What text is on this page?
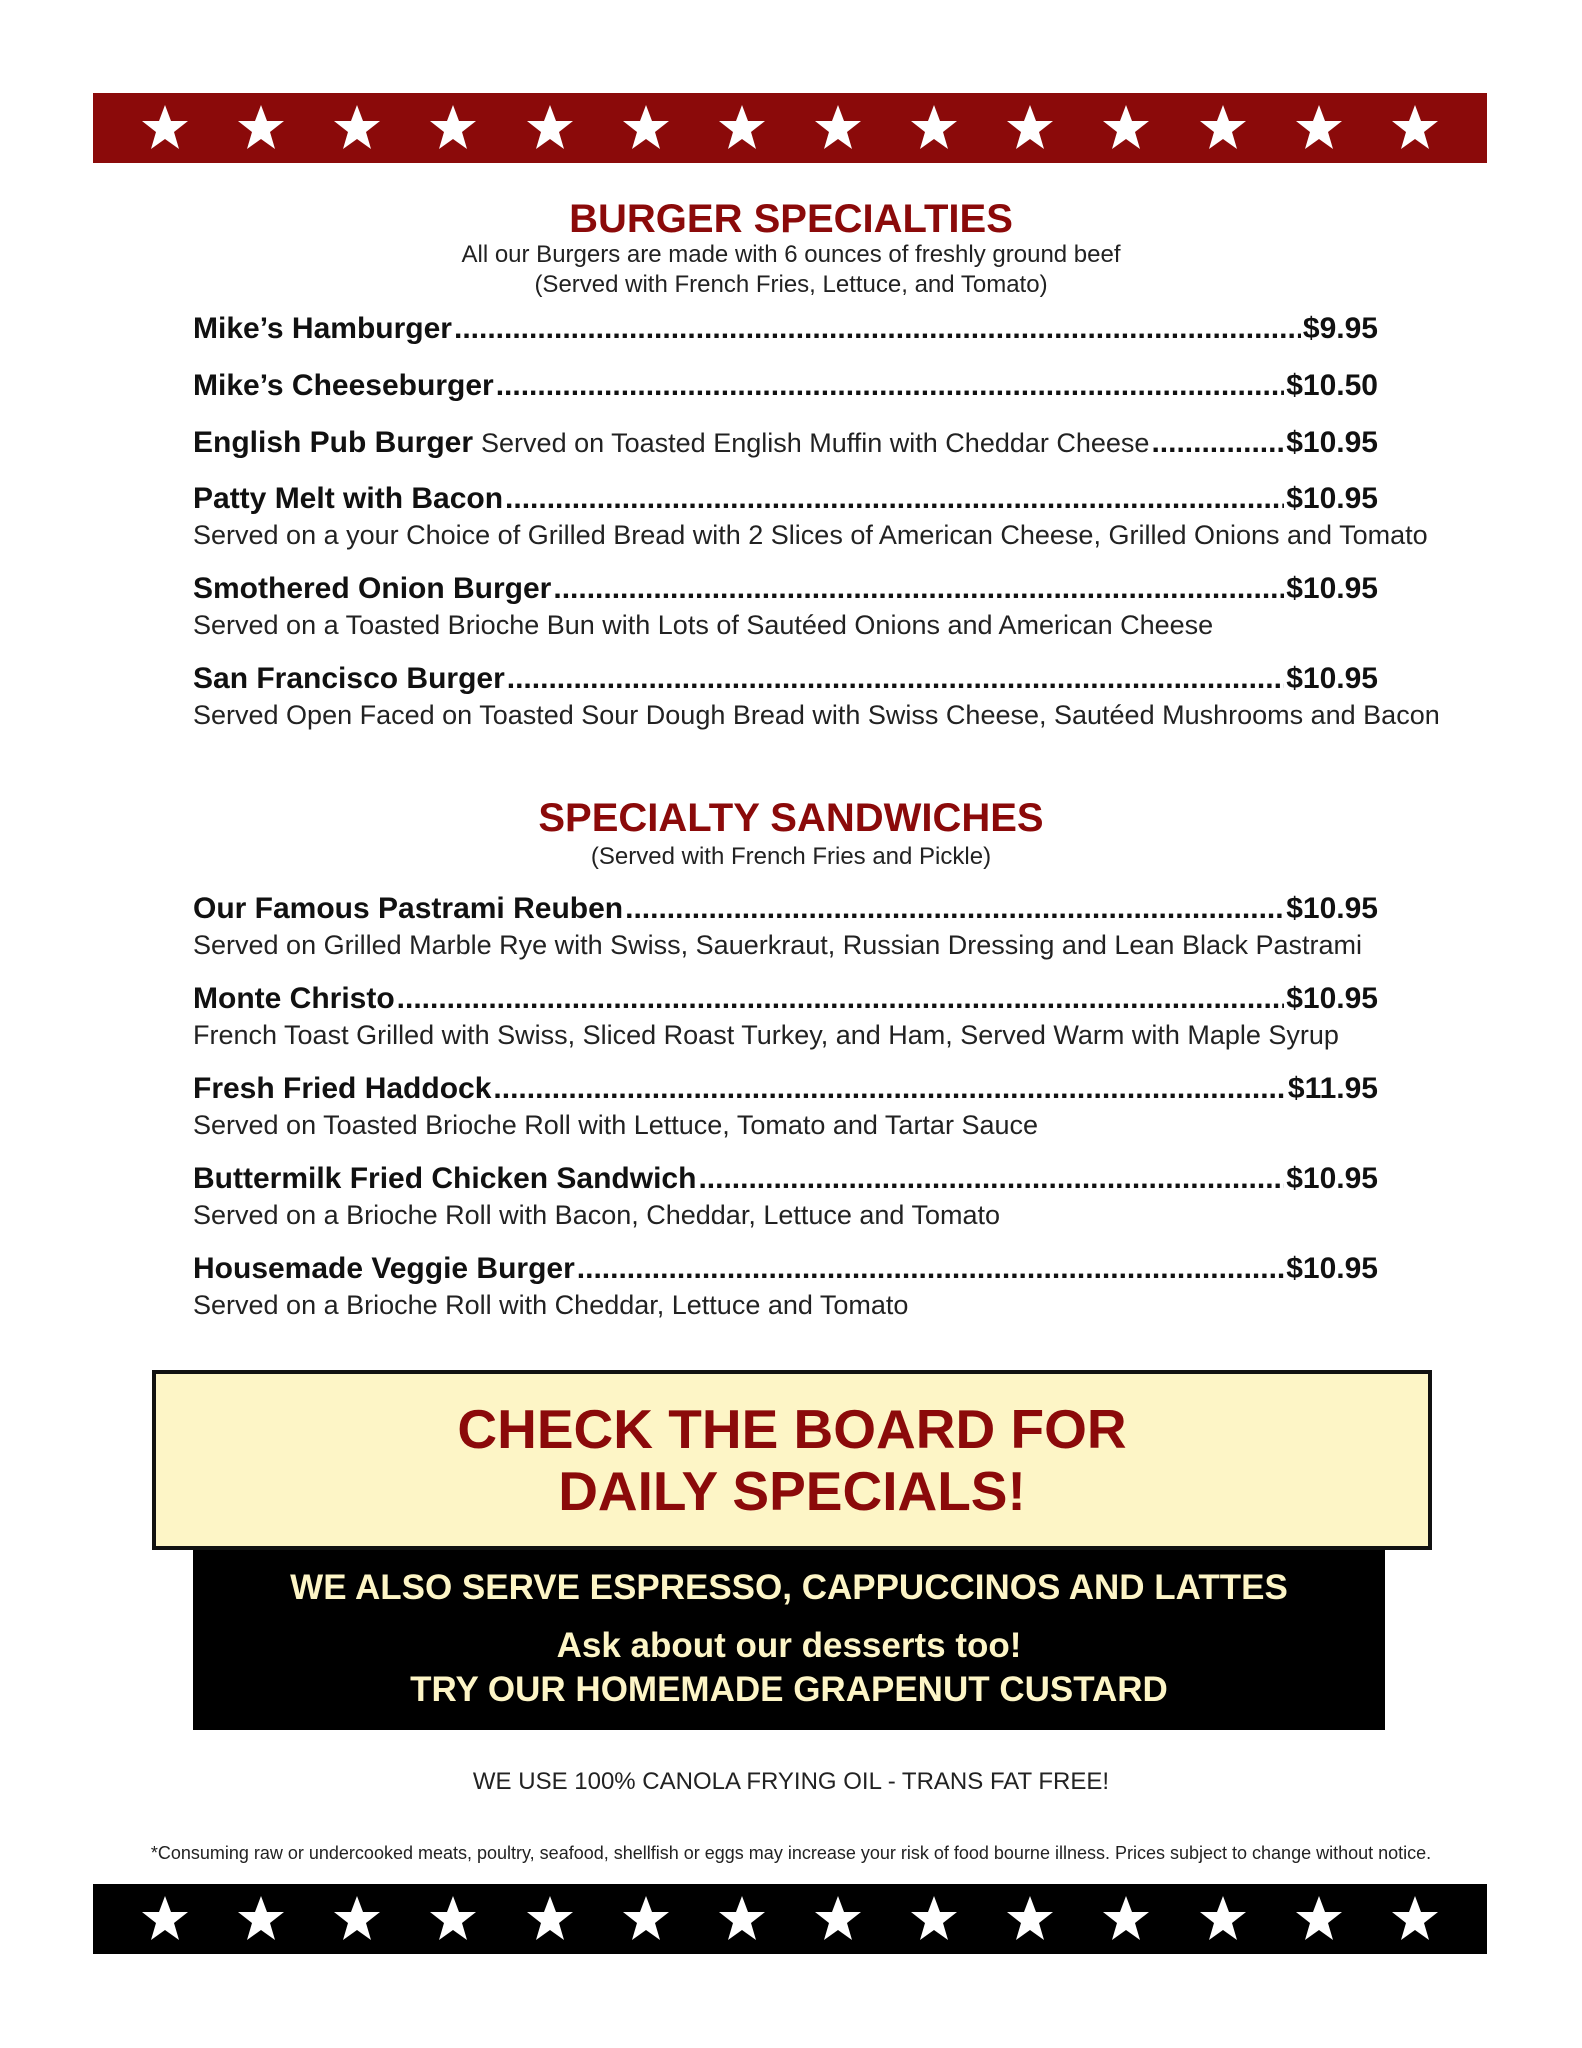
BURGER SPECIALTIES
All our Burgers are made with 6 ounces of freshly ground beef
(Served with French Fries, Lettuce, and Tomato)
Mike’s Hamburger .....	$9.95
Mike’s Cheeseburger .....	$10.50
English Pub Burger Served on Toasted English Muffin with Cheddar Cheese .....	$10.95
Patty Melt with Bacon .....	$10.95
Served on a your Choice of Grilled Bread with 2 Slices of American Cheese, Grilled Onions and Tomato
Smothered Onion Burger .....	$10.95
Served on a Toasted Brioche Bun with Lots of Sautéed Onions and American Cheese
San Francisco Burger .....	$10.95
Served Open Faced on Toasted Sour Dough Bread with Swiss Cheese, Sautéed Mushrooms and Bacon
SPECIALTY SANDWICHES
(Served with French Fries and Pickle)
Our Famous Pastrami Reuben .....	$10.95
Served on Grilled Marble Rye with Swiss, Sauerkraut, Russian Dressing and Lean Black Pastrami
Monte Christo .....	$10.95
French Toast Grilled with Swiss, Sliced Roast Turkey, and Ham, Served Warm with Maple Syrup
Fresh Fried Haddock .....	$11.95
Served on Toasted Brioche Roll with Lettuce, Tomato and Tartar Sauce
Buttermilk Fried Chicken Sandwich .....	$10.95
Served on a Brioche Roll with Bacon, Cheddar, Lettuce and Tomato
Housemade Veggie Burger .....	$10.95
Served on a Brioche Roll with Cheddar, Lettuce and Tomato
CHECK THE BOARD FOR
DAILY SPECIALS!
WE ALSO SERVE ESPRESSO, CAPPUCCINOS AND LATTES
Ask about our desserts too!
TRY OUR HOMEMADE GRAPENUT CUSTARD
WE USE 100% CANOLA FRYING OIL - TRANS FAT FREE!
*Consuming raw or undercooked meats, poultry, seafood, shellfish or eggs may increase your risk of food bourne illness. Prices subject to change without notice.
